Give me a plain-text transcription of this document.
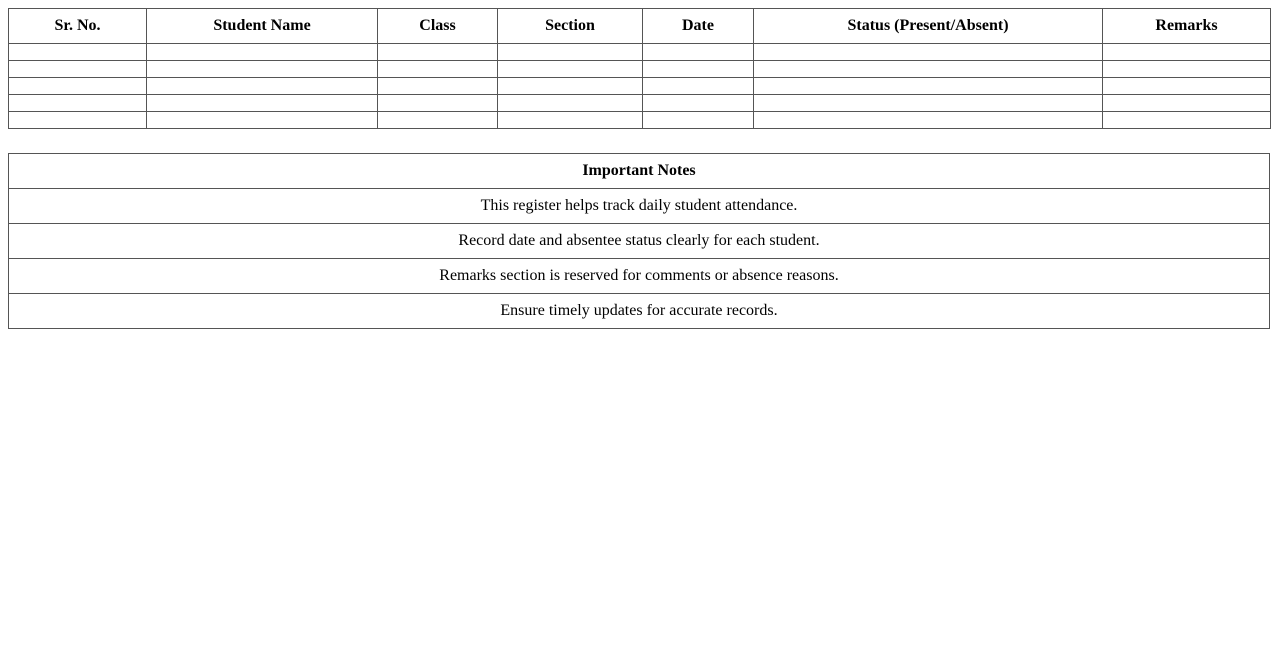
Sr. No.	Student Name	Class	Section	Date	Status (Present/Absent)	Remarks

Important Notes
This register helps track daily student attendance.
Record date and absentee status clearly for each student.
Remarks section is reserved for comments or absence reasons.
Ensure timely updates for accurate records.
